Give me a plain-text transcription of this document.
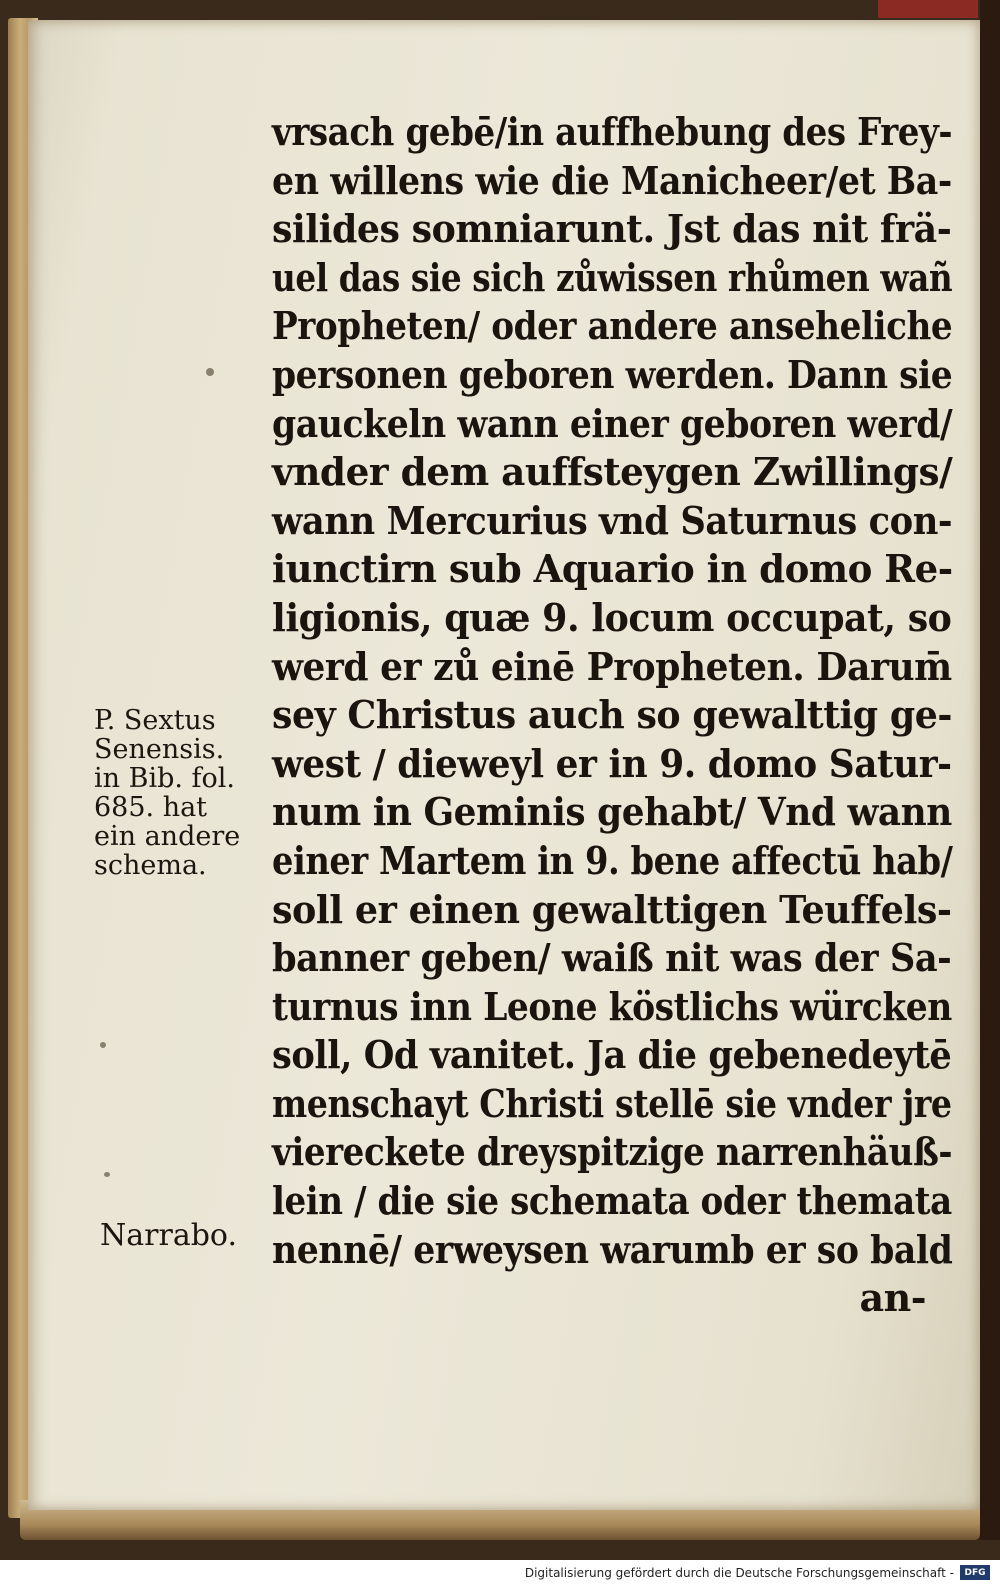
vrsach gebē/in auffhebung des Frey-
en willens wie die Manicheer/et Ba-
silides somniarunt. Jst das nit frä-
uel das sie sich zůwissen rhůmen wañ
Propheten/ oder andere anseheliche
personen geboren werden. Dann sie
gauckeln wann einer geboren werd/
vnder dem auffsteygen Zwillings/
wann Mercurius vnd Saturnus con-
iunctirn sub Aquario in domo Re-
ligionis, quæ 9. locum occupat, so
werd er zů einē Propheten. Darum̄
sey Christus auch so gewalttig ge-
west / dieweyl er in 9. domo Satur-
num in Geminis gehabt/ Vnd wann
einer Martem in 9. bene affectū hab/
soll er einen gewalttigen Teuffels-
banner geben/ waiß nit was der Sa-
turnus inn Leone köstlichs würcken
soll, Od vanitet. Ja die gebenedeytē
menschayt Christi stellē sie vnder jre
vierecketе dreyspitzige narrenhäuß-
lein / die sie schemata oder themata
nennē/ erweysen warumb er so bald
an-
P. Sextus
Senensis.
in Bib. fol.
685. hat
ein andere
schema.
Narrabo.
Digitalisierung gefördert durch die Deutsche Forschungsgemeinschaft -	DFG
